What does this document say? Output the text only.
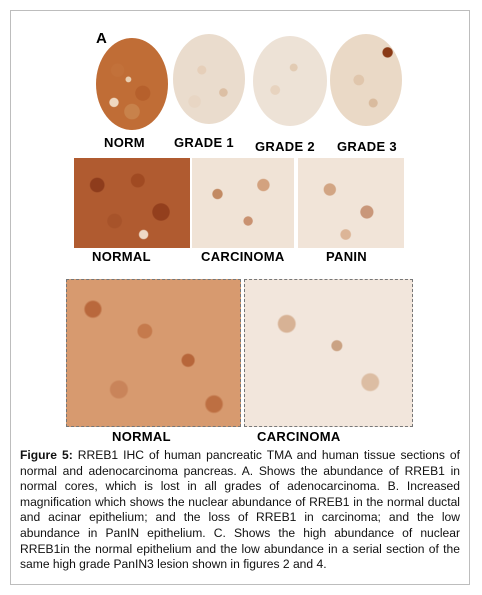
A
NORM GRADE 1 GRADE 2 GRADE 3
NORMAL	CARCINOMA	PANIN
NORMAL	CARCINOMA
Figure 5: RREB1 IHC of human pancreatic TMA and human tissue sections of normal and adenocarcinoma pancreas. A. Shows the abundance of RREB1 in normal cores, which is lost in all grades of adenocarcinoma. B. Increased magnification which shows the nuclear abundance of RREB1 in the normal ductal and acinar epithelium; and the loss of RREB1 in carcinoma; and the low abundance in PanIN epithelium. C. Shows the high abundance of nuclear RREB1in the normal epithelium and the low abundance in a serial section of the same high grade PanIN3 lesion shown in figures 2 and 4.
